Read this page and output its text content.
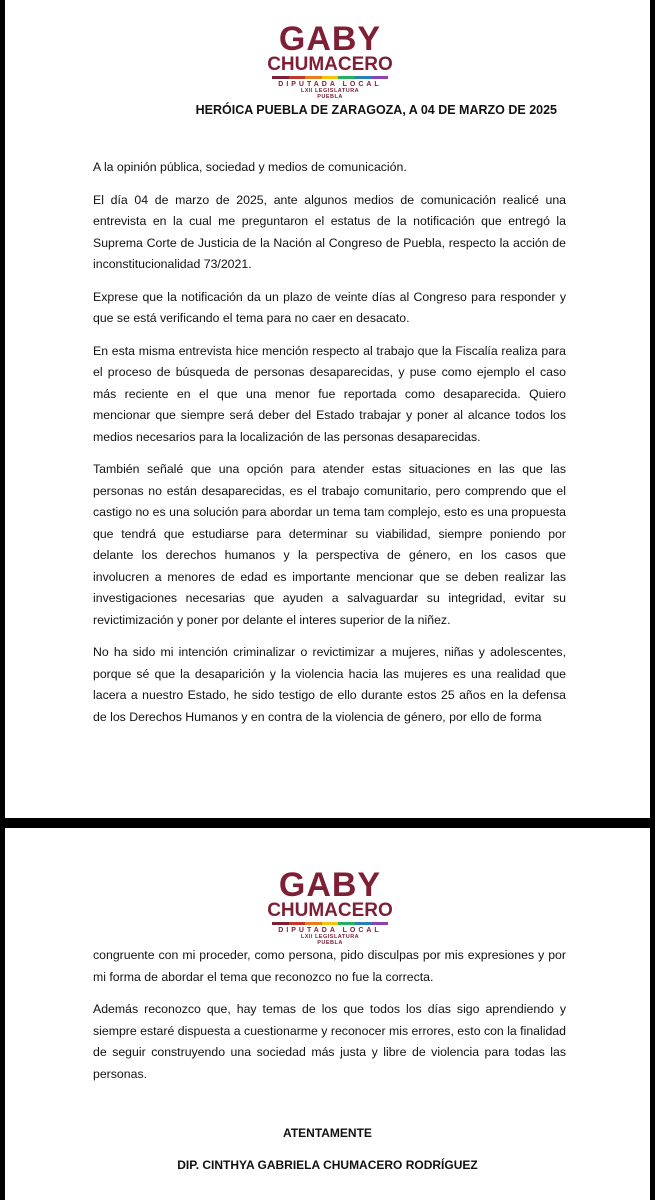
GABY
CHUMACERO
DIPUTADA LOCAL
LXII LEGISLATURA
PUEBLA
HERÓICA PUEBLA DE ZARAGOZA, A 04 DE MARZO DE 2025

A la opinión pública, sociedad y medios de comunicación.

El día 04 de marzo de 2025, ante algunos medios de comunicación realicé una entrevista en la cual me preguntaron el estatus de la notificación que entregó la Suprema Corte de Justicia de la Nación al Congreso de Puebla, respecto la acción de inconstitucionalidad 73/2021.

Exprese que la notificación da un plazo de veinte días al Congreso para responder y que se está verificando el tema para no caer en desacato.

En esta misma entrevista hice mención respecto al trabajo que la Fiscalía realiza para el proceso de búsqueda de personas desaparecidas, y puse como ejemplo el caso más reciente en el que una menor fue reportada como desaparecida. Quiero mencionar que siempre será deber del Estado trabajar y poner al alcance todos los medios necesarios para la localización de las personas desaparecidas.

También señalé que una opción para atender estas situaciones en las que las personas no están desaparecidas, es el trabajo comunitario, pero comprendo que el castigo no es una solución para abordar un tema tam complejo, esto es una propuesta que tendrá que estudiarse para determinar su viabilidad, siempre poniendo por delante los derechos humanos y la perspectiva de género, en los casos que involucren a menores de edad es importante mencionar que se deben realizar las investigaciones necesarias que ayuden a salvaguardar su integridad, evitar su revictimización y poner por delante el interes superior de la niñez.

No ha sido mi intención criminalizar o revictimizar a mujeres, niñas y adolescentes, porque sé que la desaparición y la violencia hacia las mujeres es una realidad que lacera a nuestro Estado, he sido testigo de ello durante estos 25 años en la defensa de los Derechos Humanos y en contra de la violencia de género, por ello de forma

GABY
CHUMACERO
DIPUTADA LOCAL
LXII LEGISLATURA
PUEBLA

congruente con mi proceder, como persona, pido disculpas por mis expresiones y por mi forma de abordar el tema que reconozco no fue la correcta.

Además reconozco que, hay temas de los que todos los días sigo aprendiendo y siempre estaré dispuesta a cuestionarme y reconocer mis errores, esto con la finalidad de seguir construyendo una sociedad más justa y libre de violencia para todas las personas.

ATENTAMENTE
DIP. CINTHYA GABRIELA CHUMACERO RODRÍGUEZ
